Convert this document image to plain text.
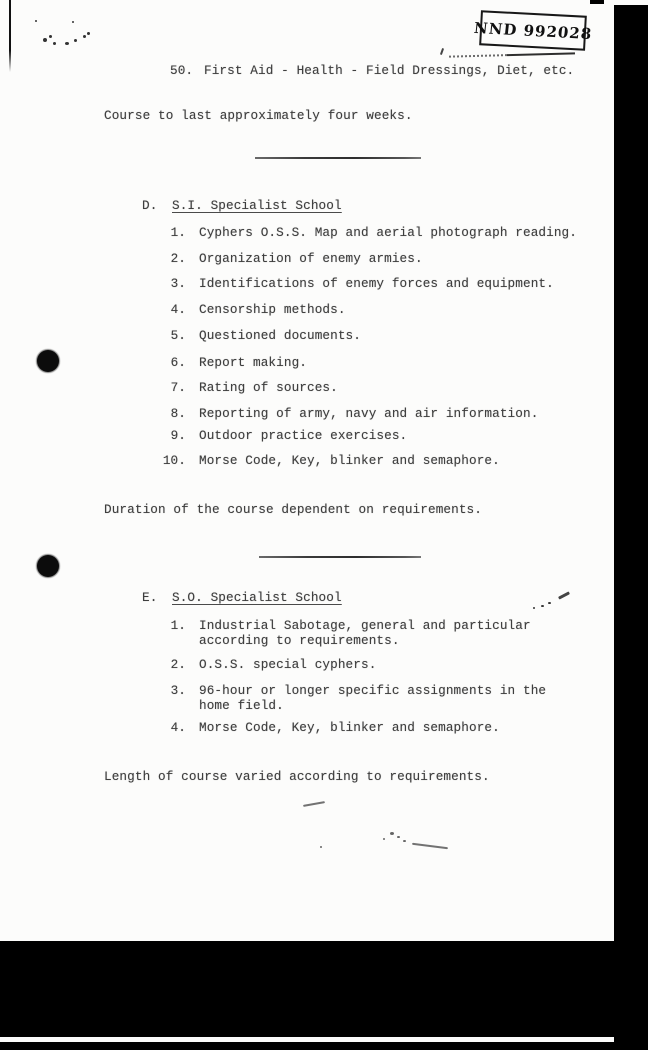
NND 992028
50. First Aid - Health - Field Dressings, Diet, etc.
Course to last approximately four weeks.
D. S.I. Specialist School
1. Cyphers O.S.S. Map and aerial photograph reading.
2. Organization of enemy armies.
3. Identifications of enemy forces and equipment.
4. Censorship methods.
5. Questioned documents.
6. Report making.
7. Rating of sources.
8. Reporting of army, navy and air information.
9. Outdoor practice exercises.
10. Morse Code, Key, blinker and semaphore.
Duration of the course dependent on requirements.
E. S.O. Specialist School
1. Industrial Sabotage, general and particular
according to requirements.
2. O.S.S. special cyphers.
3. 96-hour or longer specific assignments in the
home field.
4. Morse Code, Key, blinker and semaphore.
Length of course varied according to requirements.
